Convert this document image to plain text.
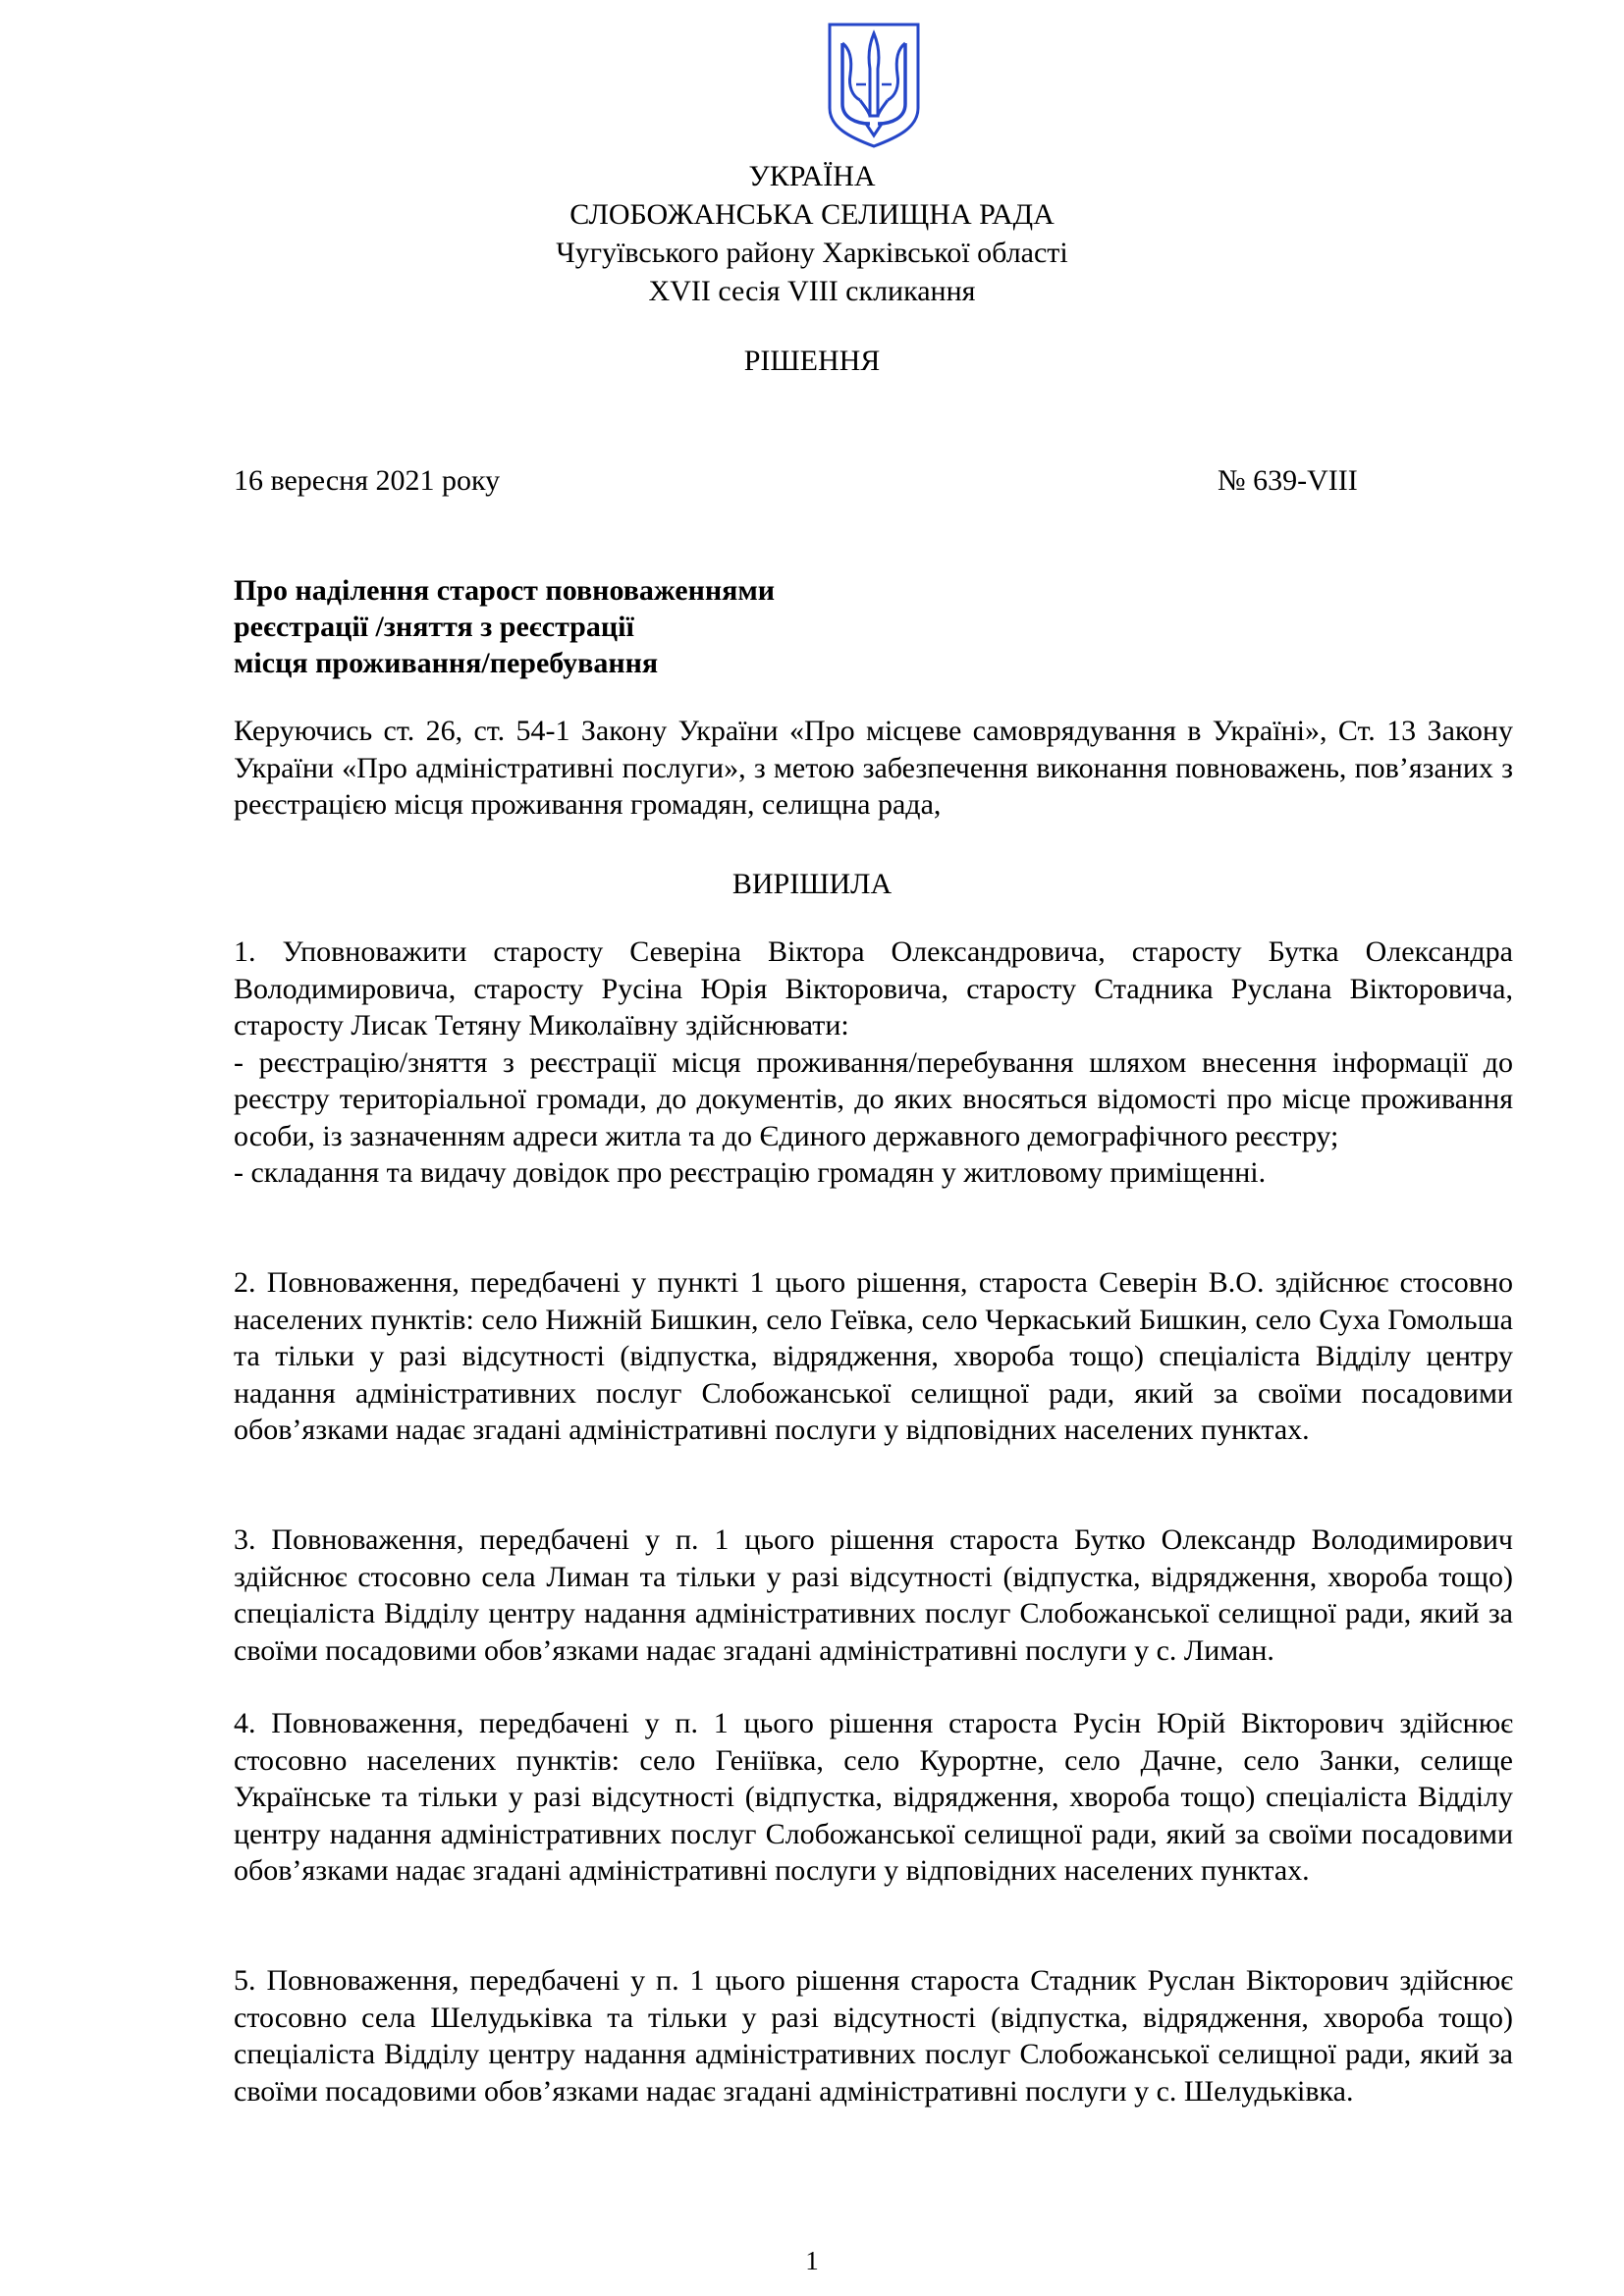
УКРАЇНА
СЛОБОЖАНСЬКА СЕЛИЩНА РАДА
Чугуївського району Харківської області
XVII сесія VIII скликання
РІШЕННЯ
16 вересня 2021 року	№ 639-VIII
Про наділення старост повноваженнями
реєстрації /зняття з реєстрації
місця проживання/перебування

Керуючись ст. 26, ст. 54-1 Закону України «Про місцеве самоврядування в Україні», Ст. 13 Закону України «Про адміністративні послуги», з метою забезпечення виконання повноважень, пов’язаних з реєстрацією місця проживання громадян, селищна рада,

ВИРІШИЛА
1. Уповноважити старосту Северіна Віктора Олександровича, старосту Бутка Олександра Володимировича, старосту Русіна Юрія Вікторовича, старосту Стадника Руслана Вікторовича, старосту Лисак Тетяну Миколаївну здійснювати:
- реєстрацію/зняття з реєстрації місця проживання/перебування шляхом внесення інформації до реєстру територіальної громади, до документів, до яких вносяться відомості про місце проживання особи, із зазначенням адреси житла та до Єдиного державного демографічного реєстру;
- складання та видачу довідок про реєстрацію громадян у житловому приміщенні.

2. Повноваження, передбачені у пункті 1 цього рішення, староста Северін В.О. здійснює стосовно населених пунктів: село Нижній Бишкин, село Геївка, село Черкаський Бишкин, село Суха Гомольша та тільки у разі відсутності (відпустка, відрядження, хвороба тощо) спеціаліста Відділу центру надання адміністративних послуг Слобожанської селищної ради, який за своїми посадовими обов’язками надає згадані адміністративні послуги у відповідних населених пунктах.

3. Повноваження, передбачені у п. 1 цього рішення староста Бутко Олександр Володимирович здійснює стосовно села Лиман та тільки у разі відсутності (відпустка, відрядження, хвороба тощо) спеціаліста Відділу центру надання адміністративних послуг Слобожанської селищної ради, який за своїми посадовими обов’язками надає згадані адміністративні послуги у с. Лиман.

4. Повноваження, передбачені у п. 1 цього рішення староста Русін Юрій Вікторович здійснює стосовно населених пунктів: село Геніївка, село Курортне, село Дачне, село Занки, селище Українське та тільки у разі відсутності (відпустка, відрядження, хвороба тощо) спеціаліста Відділу центру надання адміністративних послуг Слобожанської селищної ради, який за своїми посадовими обов’язками надає згадані адміністративні послуги у відповідних населених пунктах.

5. Повноваження, передбачені у п. 1 цього рішення староста Стадник Руслан Вікторович здійснює стосовно села Шелудьківка та тільки у разі відсутності (відпустка, відрядження, хвороба тощо) спеціаліста Відділу центру надання адміністративних послуг Слобожанської селищної ради, який за своїми посадовими обов’язками надає згадані адміністративні послуги у с. Шелудьківка.

1
